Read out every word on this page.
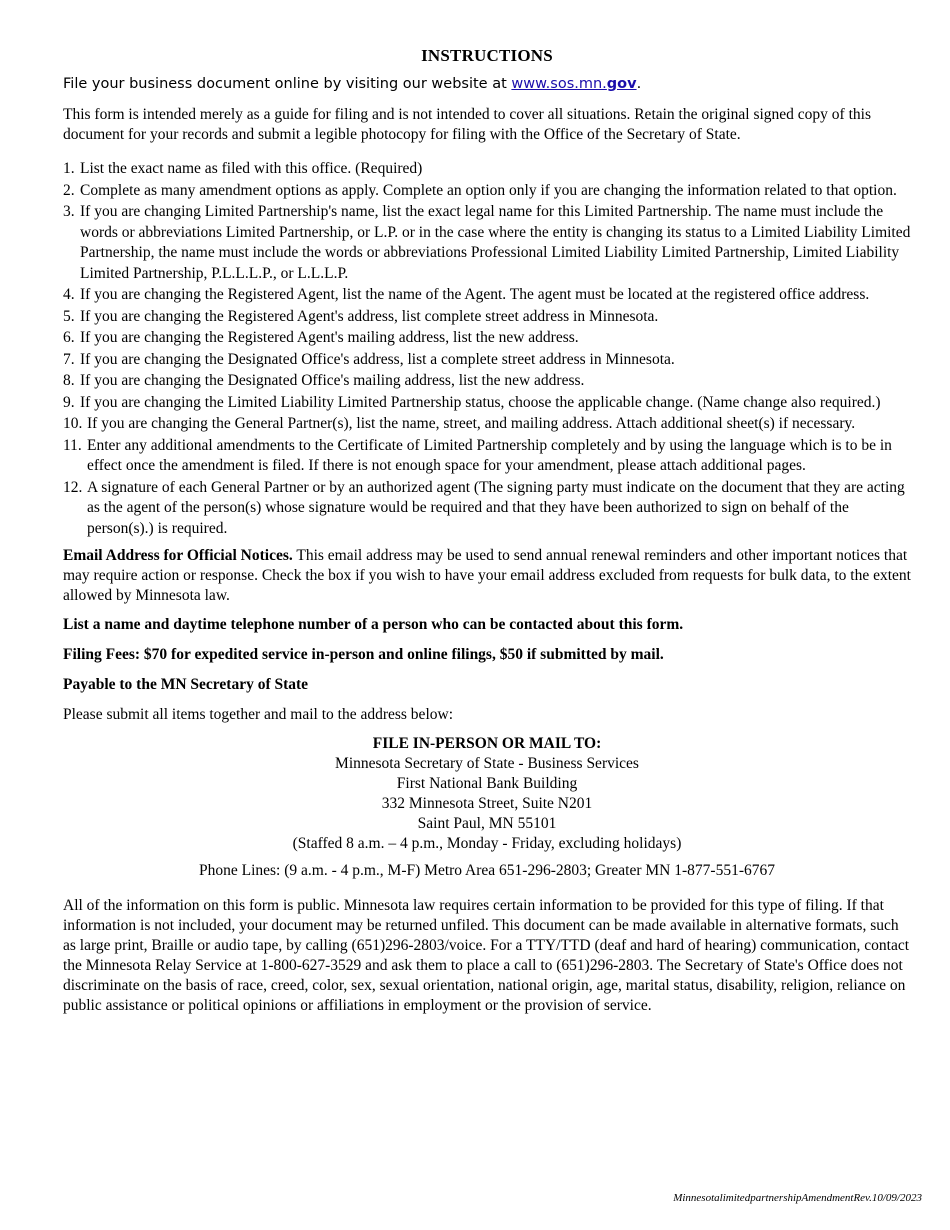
INSTRUCTIONS
File your business document online by visiting our website at www.sos.mn.gov.

This form is intended merely as a guide for filing and is not intended to cover all situations. Retain the original signed copy of this document for your records and submit a legible photocopy for filing with the Office of the Secretary of State.

1. List the exact name as filed with this office. (Required)
2. Complete as many amendment options as apply. Complete an option only if you are changing the information related to that option.
3. If you are changing Limited Partnership's name, list the exact legal name for this Limited Partnership. The name must include the words or abbreviations Limited Partnership, or L.P. or in the case where the entity is changing its status to a Limited Liability Limited Partnership, the name must include the words or abbreviations Professional Limited Liability Limited Partnership, Limited Liability Limited Partnership, P.L.L.L.P., or L.L.L.P.
4. If you are changing the Registered Agent, list the name of the Agent. The agent must be located at the registered office address.
5. If you are changing the Registered Agent's address, list complete street address in Minnesota.
6. If you are changing the Registered Agent's mailing address, list the new address.
7. If you are changing the Designated Office's address, list a complete street address in Minnesota.
8. If you are changing the Designated Office's mailing address, list the new address.
9. If you are changing the Limited Liability Limited Partnership status, choose the applicable change. (Name change also required.)
10. If you are changing the General Partner(s), list the name, street, and mailing address. Attach additional sheet(s) if necessary.
11. Enter any additional amendments to the Certificate of Limited Partnership completely and by using the language which is to be in effect once the amendment is filed. If there is not enough space for your amendment, please attach additional pages.
12. A signature of each General Partner or by an authorized agent (The signing party must indicate on the document that they are acting as the agent of the person(s) whose signature would be required and that they have been authorized to sign on behalf of the person(s).) is required.

Email Address for Official Notices. This email address may be used to send annual renewal reminders and other important notices that may require action or response. Check the box if you wish to have your email address excluded from requests for bulk data, to the extent allowed by Minnesota law.

List a name and daytime telephone number of a person who can be contacted about this form.

Filing Fees: $70 for expedited service in-person and online filings, $50 if submitted by mail.

Payable to the MN Secretary of State

Please submit all items together and mail to the address below:

FILE IN-PERSON OR MAIL TO:
Minnesota Secretary of State - Business Services
First National Bank Building
332 Minnesota Street, Suite N201
Saint Paul, MN 55101
(Staffed 8 a.m. – 4 p.m., Monday - Friday, excluding holidays)

Phone Lines: (9 a.m. - 4 p.m., M-F) Metro Area 651-296-2803; Greater MN 1-877-551-6767

All of the information on this form is public. Minnesota law requires certain information to be provided for this type of filing. If that information is not included, your document may be returned unfiled. This document can be made available in alternative formats, such as large print, Braille or audio tape, by calling (651)296-2803/voice. For a TTY/TTD (deaf and hard of hearing) communication, contact the Minnesota Relay Service at 1-800-627-3529 and ask them to place a call to (651)296-2803. The Secretary of State's Office does not discriminate on the basis of race, creed, color, sex, sexual orientation, national origin, age, marital status, disability, religion, reliance on public assistance or political opinions or affiliations in employment or the provision of service.

MinnesotalimitedpartnershipAmendmentRev.10/09/2023
